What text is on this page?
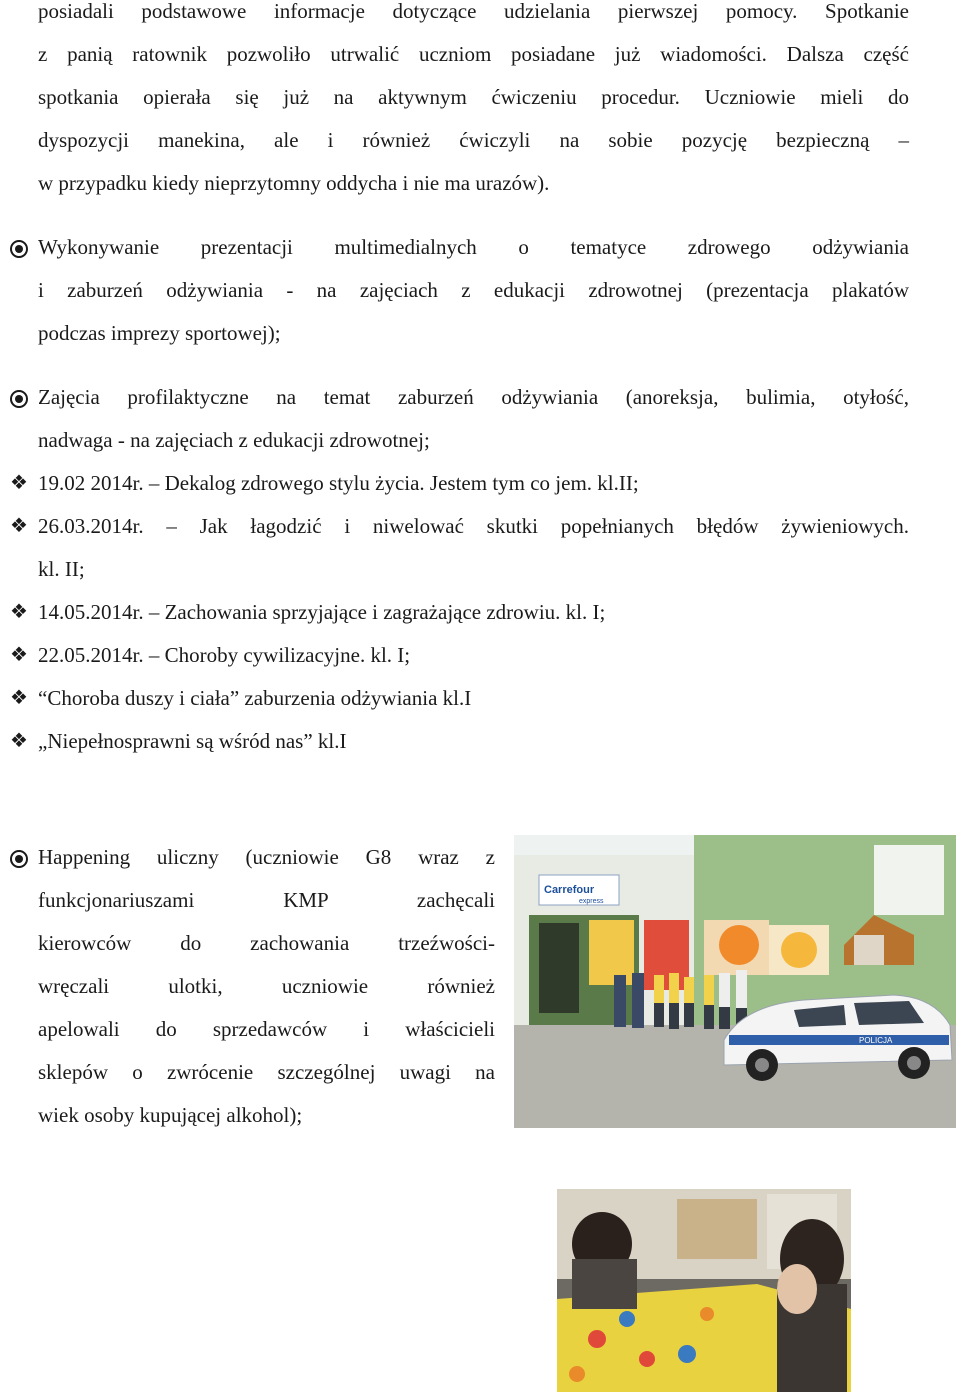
posiadali podstawowe informacje dotyczące udzielania pierwszej pomocy. Spotkanie
z panią ratownik pozwoliło utrwalić uczniom posiadane już wiadomości. Dalsza część
spotkania opierała się już na aktywnym ćwiczeniu procedur. Uczniowie mieli do
dyspozycji manekina, ale i również ćwiczyli na sobie pozycję bezpieczną –
w przypadku kiedy nieprzytomny oddycha i nie ma urazów).
Wykonywanie prezentacji multimedialnych o tematyce zdrowego odżywiania
i zaburzeń odżywiania - na zajęciach z edukacji zdrowotnej (prezentacja plakatów
podczas imprezy sportowej);
Zajęcia profilaktyczne na temat zaburzeń odżywiania (anoreksja, bulimia, otyłość,
nadwaga - na zajęciach z edukacji zdrowotnej;
❖ 19.02 2014r. – Dekalog zdrowego stylu życia. Jestem tym co jem. kl.II;
❖ 26.03.2014r. – Jak łagodzić i niwelować skutki popełnianych błędów żywieniowych.
kl. II;
❖ 14.05.2014r. – Zachowania sprzyjające i zagrażające zdrowiu. kl. I;
❖ 22.05.2014r. – Choroby cywilizacyjne. kl. I;
❖ “Choroba duszy i ciała” zaburzenia odżywiania kl.I
❖ „Niepełnosprawni są wśród nas” kl.I
Happening uliczny (uczniowie G8 wraz z
funkcjonariuszami KMP zachęcali
kierowców do zachowania trzeźwości-
wręczali ulotki, uczniowie również
apelowali do sprzedawców i właścicieli
sklepów o zwrócenie szczególnej uwagi na
wiek osoby kupującej alkohol);
Carrefour
express
POLICJA
